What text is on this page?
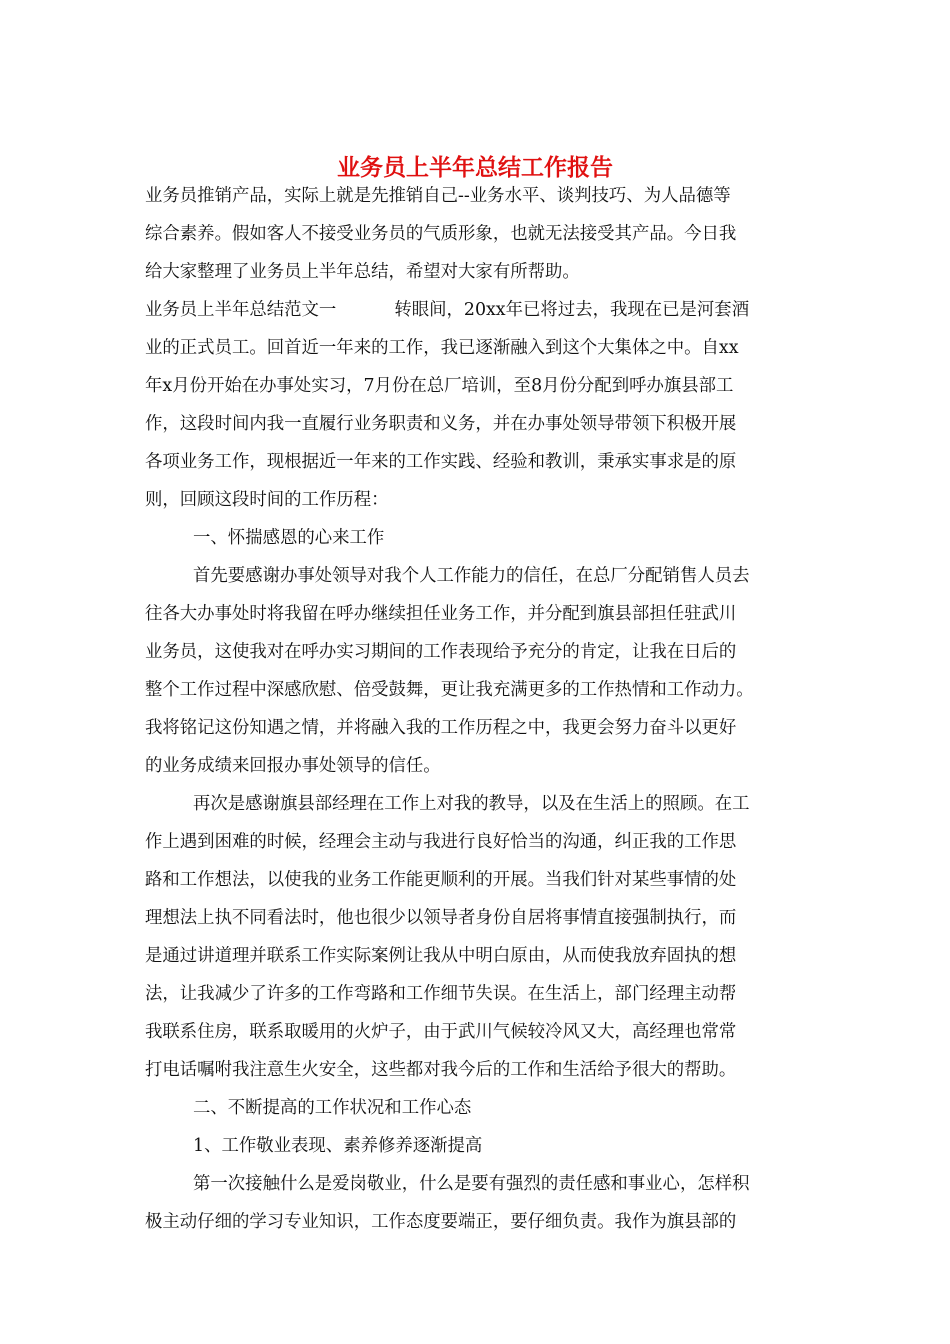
业务员上半年总结工作报告
业务员推销产品，实际上就是先推销自己--业务水平、谈判技巧、为人品德等
综合素养。假如客人不接受业务员的气质形象，也就无法接受其产品。今日我
给大家整理了业务员上半年总结，希望对大家有所帮助。
业务员上半年总结范文一	转眼间，20xx年已将过去，我现在已是河套酒
业的正式员工。回首近一年来的工作，我已逐渐融入到这个大集体之中。自xx
年x月份开始在办事处实习，7月份在总厂培训，至8月份分配到呼办旗县部工
作，这段时间内我一直履行业务职责和义务，并在办事处领导带领下积极开展
各项业务工作，现根据近一年来的工作实践、经验和教训，秉承实事求是的原
则，回顾这段时间的工作历程：
一、怀揣感恩的心来工作
首先要感谢办事处领导对我个人工作能力的信任，在总厂分配销售人员去
往各大办事处时将我留在呼办继续担任业务工作，并分配到旗县部担任驻武川
业务员，这使我对在呼办实习期间的工作表现给予充分的肯定，让我在日后的
整个工作过程中深感欣慰、倍受鼓舞，更让我充满更多的工作热情和工作动力。
我将铭记这份知遇之情，并将融入我的工作历程之中，我更会努力奋斗以更好
的业务成绩来回报办事处领导的信任。
再次是感谢旗县部经理在工作上对我的教导，以及在生活上的照顾。在工
作上遇到困难的时候，经理会主动与我进行良好恰当的沟通，纠正我的工作思
路和工作想法，以使我的业务工作能更顺利的开展。当我们针对某些事情的处
理想法上执不同看法时，他也很少以领导者身份自居将事情直接强制执行，而
是通过讲道理并联系工作实际案例让我从中明白原由，从而使我放弃固执的想
法，让我减少了许多的工作弯路和工作细节失误。在生活上，部门经理主动帮
我联系住房，联系取暖用的火炉子，由于武川气候较冷风又大，高经理也常常
打电话嘱咐我注意生火安全，这些都对我今后的工作和生活给予很大的帮助。
二、不断提高的工作状况和工作心态
1、工作敬业表现、素养修养逐渐提高
第一次接触什么是爱岗敬业，什么是要有强烈的责任感和事业心，怎样积
极主动仔细的学习专业知识，工作态度要端正，要仔细负责。我作为旗县部的
